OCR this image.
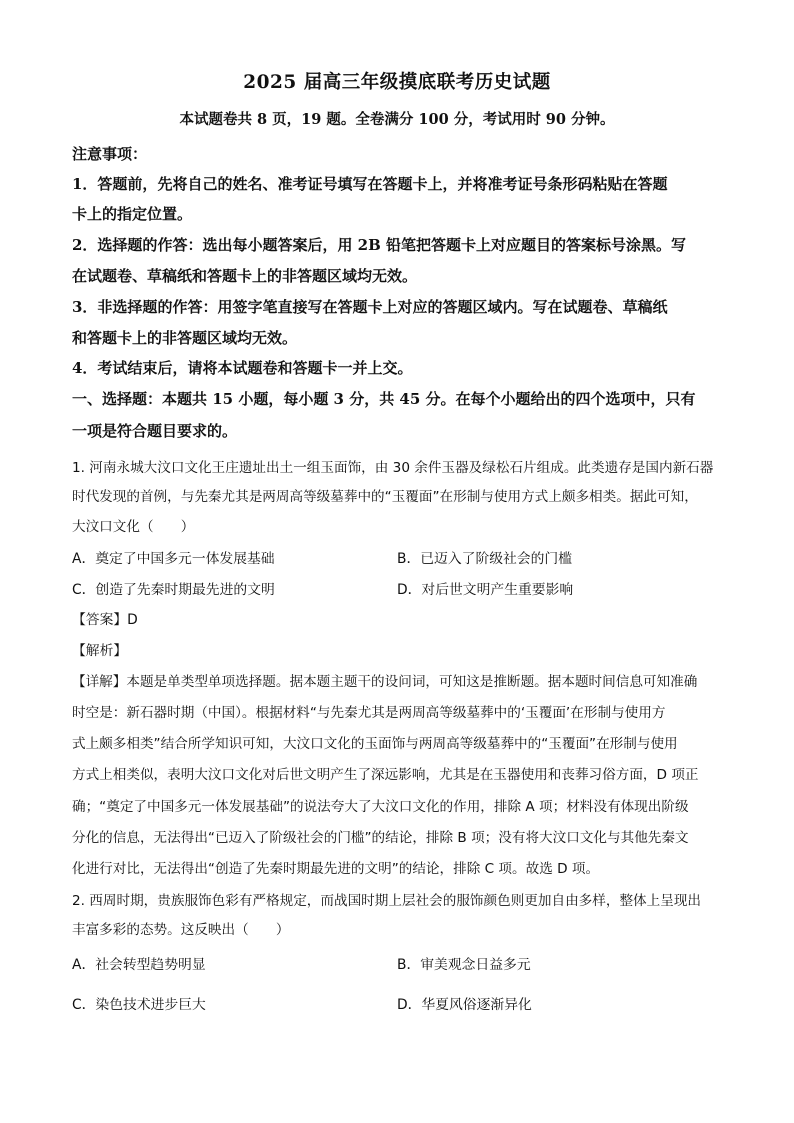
2025 届高三年级摸底联考历史试题
本试题卷共 8 页，19 题。全卷满分 100 分，考试用时 90 分钟。
注意事项：
1．答题前，先将自己的姓名、准考证号填写在答题卡上，并将准考证号条形码粘贴在答题
卡上的指定位置。
2．选择题的作答：选出每小题答案后，用 2B 铅笔把答题卡上对应题目的答案标号涂黑。写
在试题卷、草稿纸和答题卡上的非答题区域均无效。
3．非选择题的作答：用签字笔直接写在答题卡上对应的答题区域内。写在试题卷、草稿纸
和答题卡上的非答题区域均无效。
4．考试结束后，请将本试题卷和答题卡一并上交。
一、选择题：本题共 15 小题，每小题 3 分，共 45 分。在每个小题给出的四个选项中，只有
一项是符合题目要求的。
1. 河南永城大汶口文化王庄遗址出土一组玉面饰，由 30 余件玉器及绿松石片组成。此类遗存是国内新石器
时代发现的首例，与先秦尤其是两周高等级墓葬中的“玉覆面”在形制与使用方式上颇多相类。据此可知，
大汶口文化（　　）
A．奠定了中国多元一体发展基础	B．已迈入了阶级社会的门槛
C．创造了先秦时期最先进的文明	D．对后世文明产生重要影响
【答案】D
【解析】
【详解】本题是单类型单项选择题。据本题主题干的设问词，可知这是推断题。据本题时间信息可知准确
时空是：新石器时期（中国）。根据材料“与先秦尤其是两周高等级墓葬中的‘玉覆面’在形制与使用方
式上颇多相类”结合所学知识可知，大汶口文化的玉面饰与两周高等级墓葬中的“玉覆面”在形制与使用
方式上相类似，表明大汶口文化对后世文明产生了深远影响，尤其是在玉器使用和丧葬习俗方面，D 项正
确；“奠定了中国多元一体发展基础”的说法夸大了大汶口文化的作用，排除 A 项；材料没有体现出阶级
分化的信息，无法得出“已迈入了阶级社会的门槛”的结论，排除 B 项；没有将大汶口文化与其他先秦文
化进行对比，无法得出“创造了先秦时期最先进的文明”的结论，排除 C 项。故选 D 项。
2. 西周时期，贵族服饰色彩有严格规定，而战国时期上层社会的服饰颜色则更加自由多样，整体上呈现出
丰富多彩的态势。这反映出（　　）
A．社会转型趋势明显	B．审美观念日益多元
C．染色技术进步巨大	D．华夏风俗逐渐异化
